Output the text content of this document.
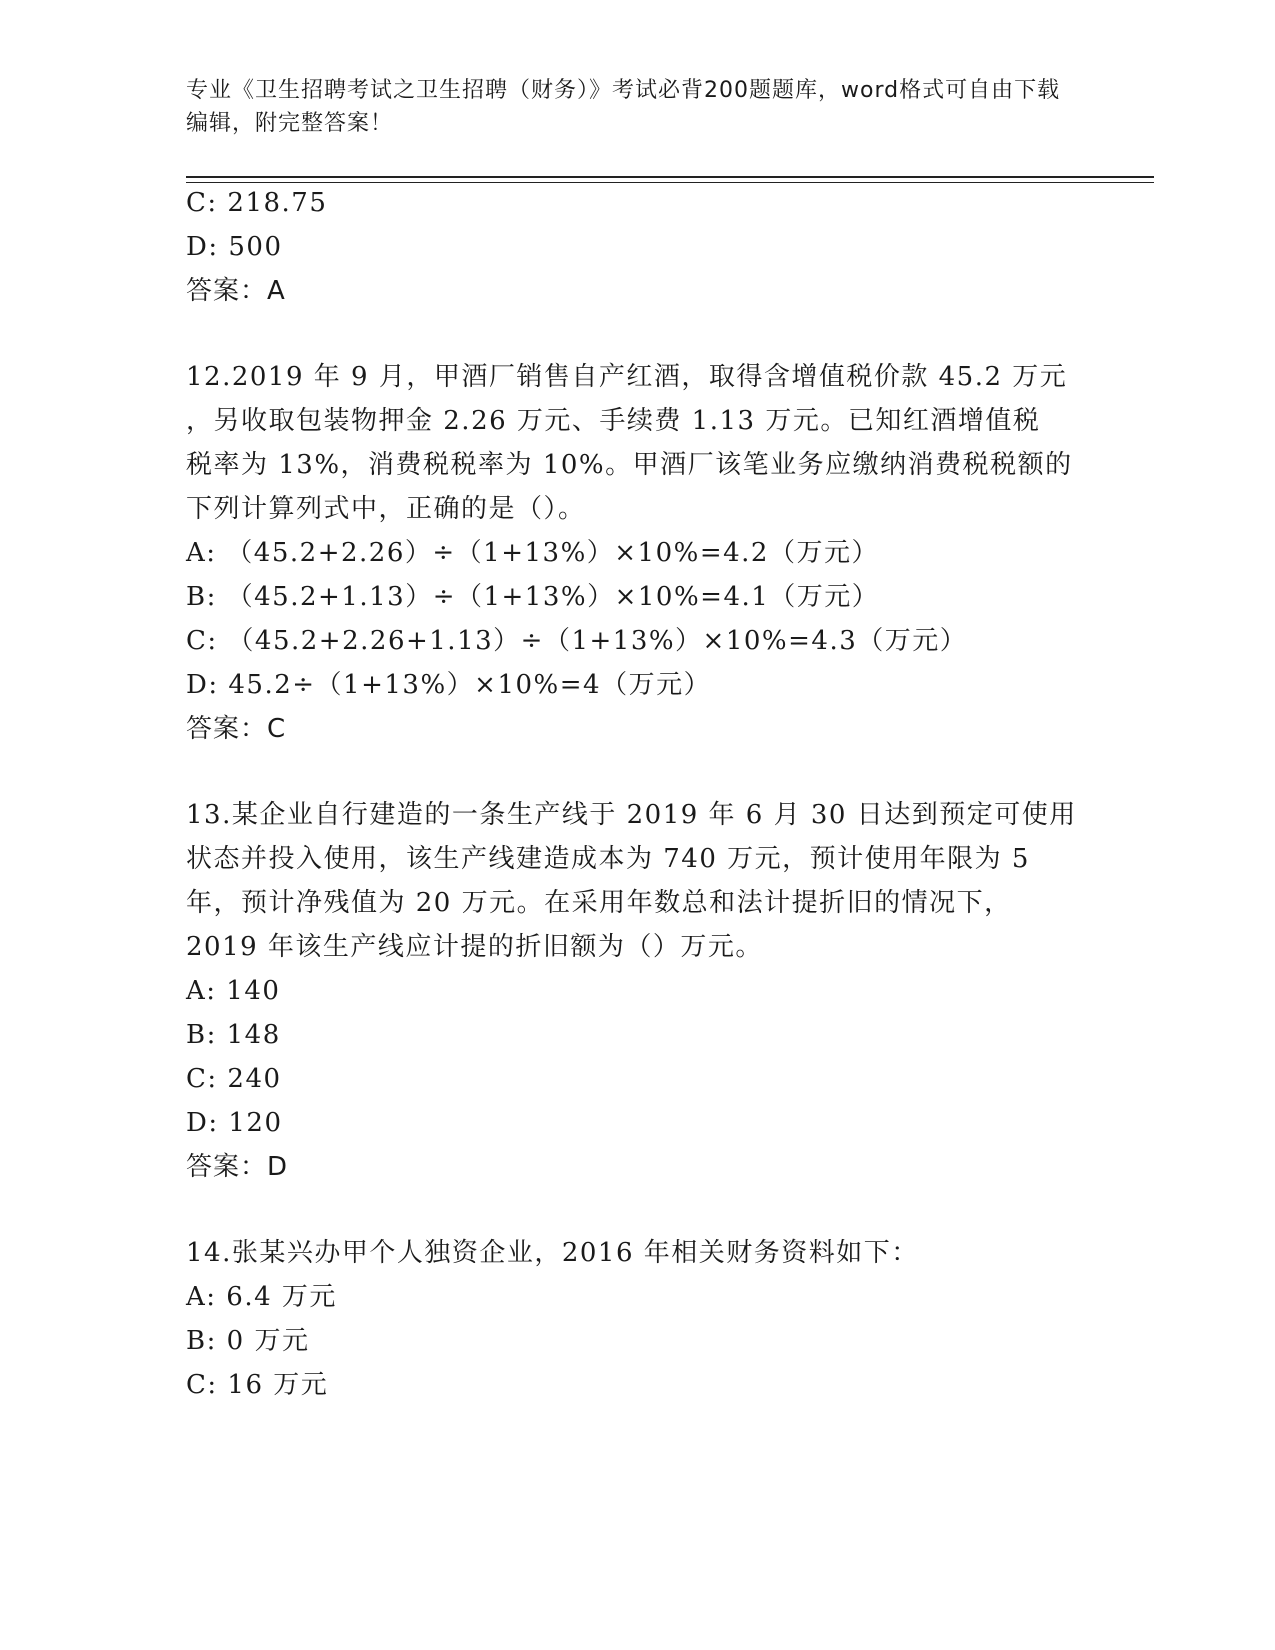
专业《卫生招聘考试之卫生招聘（财务）》考试必背200题题库，word格式可自由下载编辑，附完整答案！
C: 218.75
D: 500
答案：A
12.2019 年 9 月，甲酒厂销售自产红酒，取得含增值税价款 45.2 万元
，另收取包装物押金 2.26 万元、手续费 1.13 万元。已知红酒增值税
税率为 13%，消费税税率为 10%。甲酒厂该笔业务应缴纳消费税税额的
下列计算列式中，正确的是（）。
A: （45.2+2.26）÷（1+13%）×10%=4.2（万元）
B: （45.2+1.13）÷（1+13%）×10%=4.1（万元）
C: （45.2+2.26+1.13）÷（1+13%）×10%=4.3（万元）
D: 45.2÷（1+13%）×10%=4（万元）
答案：C
13.某企业自行建造的一条生产线于 2019 年 6 月 30 日达到预定可使用
状态并投入使用，该生产线建造成本为 740 万元，预计使用年限为 5
年，预计净残值为 20 万元。在采用年数总和法计提折旧的情况下，
2019 年该生产线应计提的折旧额为（）万元。
A: 140
B: 148
C: 240
D: 120
答案：D
14.张某兴办甲个人独资企业，2016 年相关财务资料如下：
A: 6.4 万元
B: 0 万元
C: 16 万元
